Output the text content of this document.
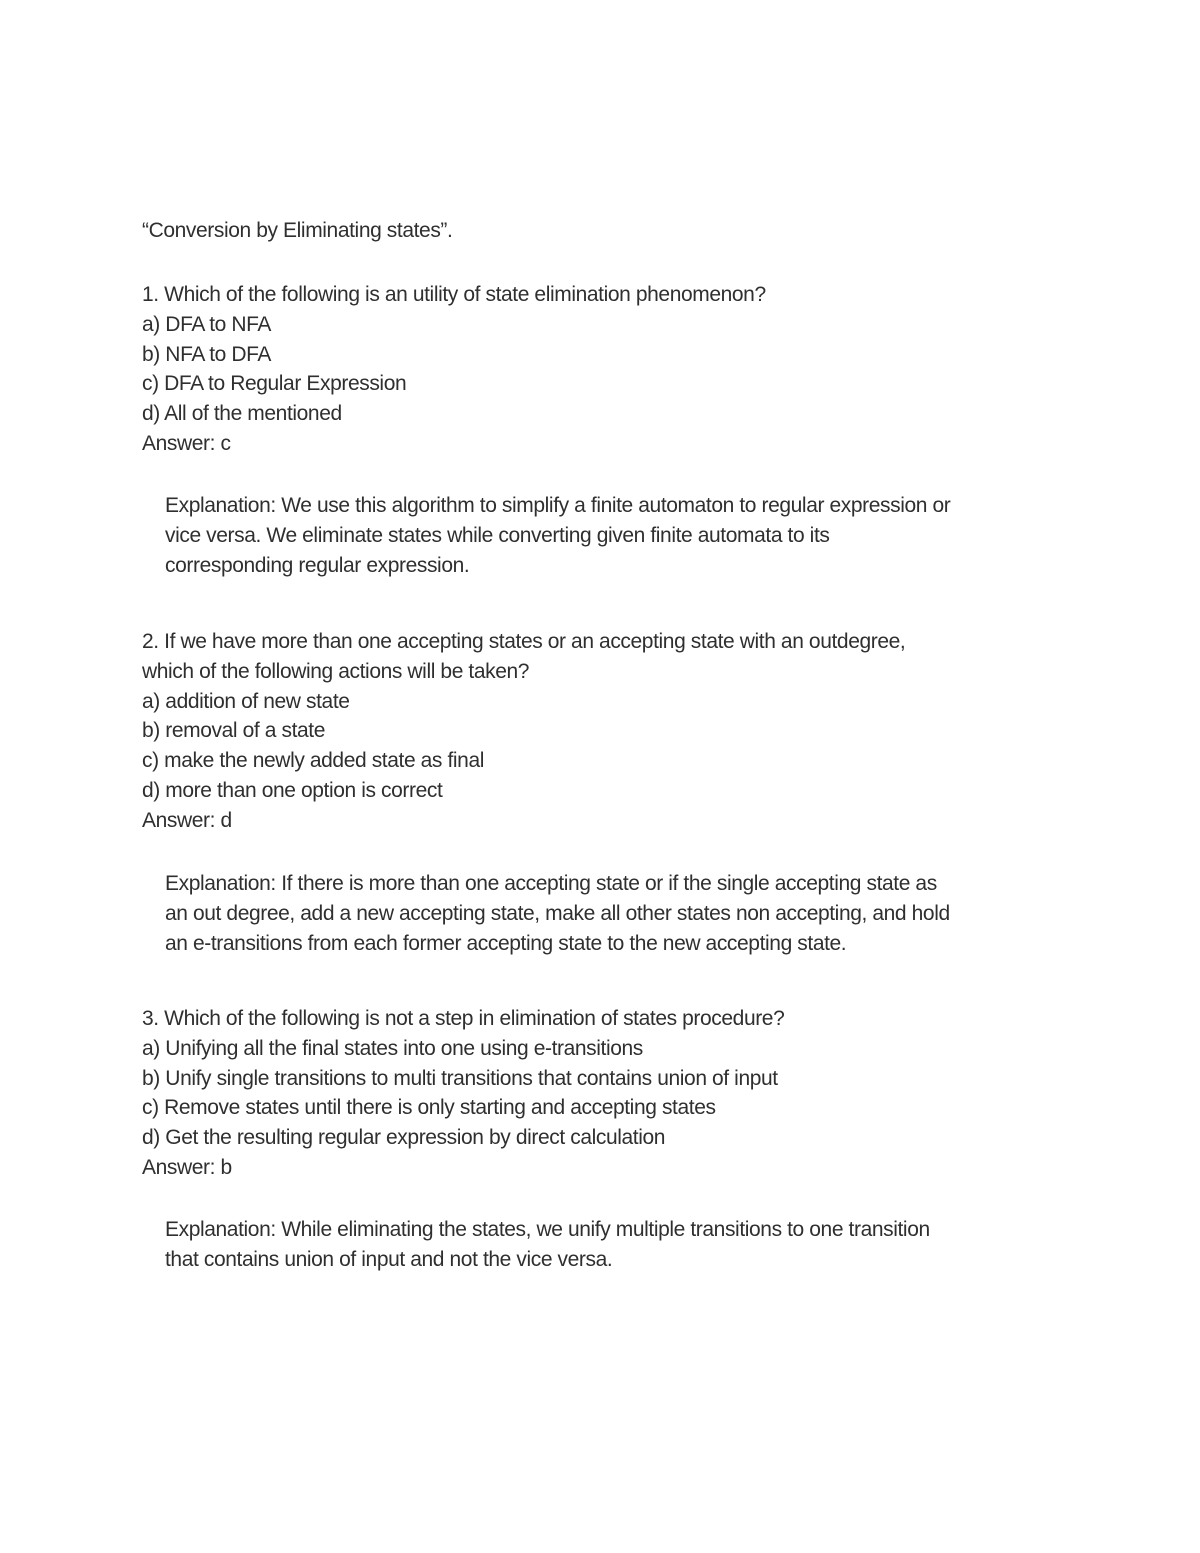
“Conversion by Eliminating states”.
1. Which of the following is an utility of state elimination phenomenon?
a) DFA to NFA
b) NFA to DFA
c) DFA to Regular Expression
d) All of the mentioned
Answer: c
Explanation: We use this algorithm to simplify a finite automaton to regular expression or
vice versa. We eliminate states while converting given finite automata to its
corresponding regular expression.
2. If we have more than one accepting states or an accepting state with an outdegree,
which of the following actions will be taken?
a) addition of new state
b) removal of a state
c) make the newly added state as final
d) more than one option is correct
Answer: d
Explanation: If there is more than one accepting state or if the single accepting state as
an out degree, add a new accepting state, make all other states non accepting, and hold
an e-transitions from each former accepting state to the new accepting state.
3. Which of the following is not a step in elimination of states procedure?
a) Unifying all the final states into one using e-transitions
b) Unify single transitions to multi transitions that contains union of input
c) Remove states until there is only starting and accepting states
d) Get the resulting regular expression by direct calculation
Answer: b
Explanation: While eliminating the states, we unify multiple transitions to one transition
that contains union of input and not the vice versa.
